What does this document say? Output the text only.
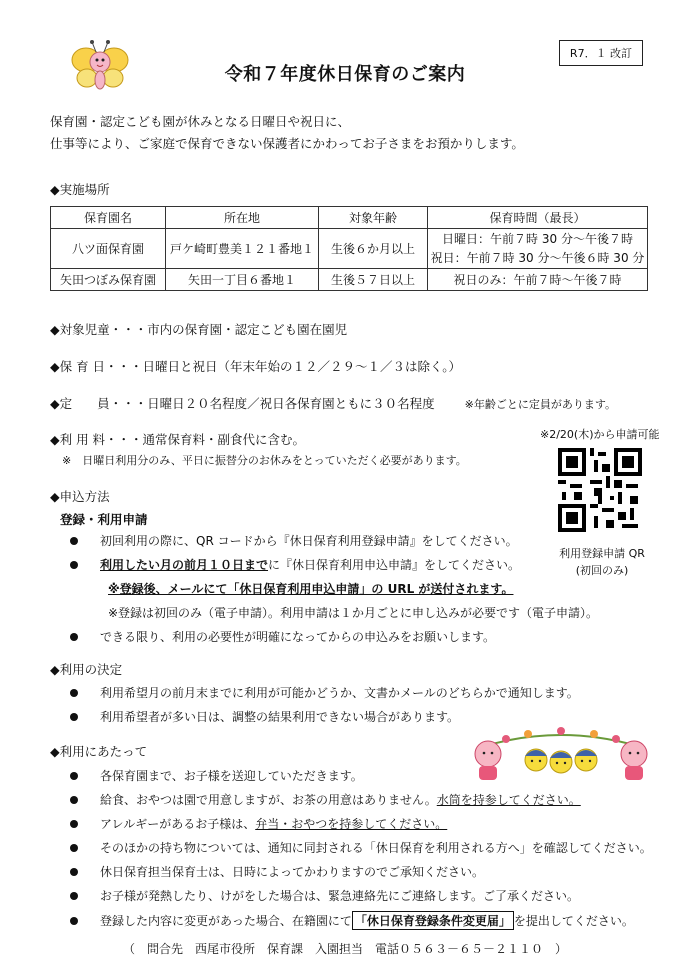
R7．１ 改訂
令和７年度休日保育のご案内
保育園・認定こども園が休みとなる日曜日や祝日に、
仕事等により、ご家庭で保育できない保護者にかわってお子さまをお預かりします。
◆実施場所
保育園名	所在地	対象年齢	保育時間（最長）
八ツ面保育園	戸ケ崎町豊美１２１番地１	生後６か月以上	日曜日：午前７時 30 分～午後７時
祝日：午前７時 30 分～午後６時 30 分

矢田つぼみ保育園	矢田一丁目６番地１	生後５７日以上	祝日のみ：午前７時～午後７時
◆対象児童・・・市内の保育園・認定こども園在園児
◆保 育 日・・・日曜日と祝日（年末年始の１２／２９～１／３は除く。）
◆定　　員・・・日曜日２０名程度／祝日各保育園ともに３０名程度	※年齢ごとに定員があります。
◆利 用 料・・・通常保育料・副食代に含む。
※　日曜日利用分のみ、平日に振替分のお休みをとっていただく必要があります。
※2/20(木)から申請可能
利用登録申請 QR
(初回のみ)
◆申込方法
登録・利用申請
初回利用の際に、QR コードから『休日保育利用登録申請』をしてください。
利用したい月の前月１０日まで に『休日保育利用申込申請』をしてください。
※登録後、メールにて「休日保育利用申込申請」の URL が送付されます。
※登録は初回のみ（電子申請）。利用申請は１か月ごとに申し込みが必要です（電子申請）。
できる限り、利用の必要性が明確になってからの申込みをお願いします。
◆利用の決定
利用希望月の前月末までに利用が可能かどうか、文書かメールのどちらかで通知します。
利用希望者が多い日は、調整の結果利用できない場合があります。
◆利用にあたって
各保育園まで、お子様を送迎していただきます。
給食、おやつは園で用意しますが、お茶の用意はありません。 水筒を持参してください。
アレルギーがあるお子様は、 弁当・おやつを持参してください。
そのほかの持ち物については、通知に同封される「休日保育を利用される方へ」を確認してください。
休日保育担当保育士は、日時によってかわりますのでご承知ください。
お子様が発熱したり、けがをした場合は、緊急連絡先にご連絡します。ご了承ください。
登録した内容に変更があった場合、在籍園にて 「休日保育登録条件変更届」 を提出してください。
（　問合先　西尾市役所　保育課　入園担当　電話０５６３－６５－２１１０　）
